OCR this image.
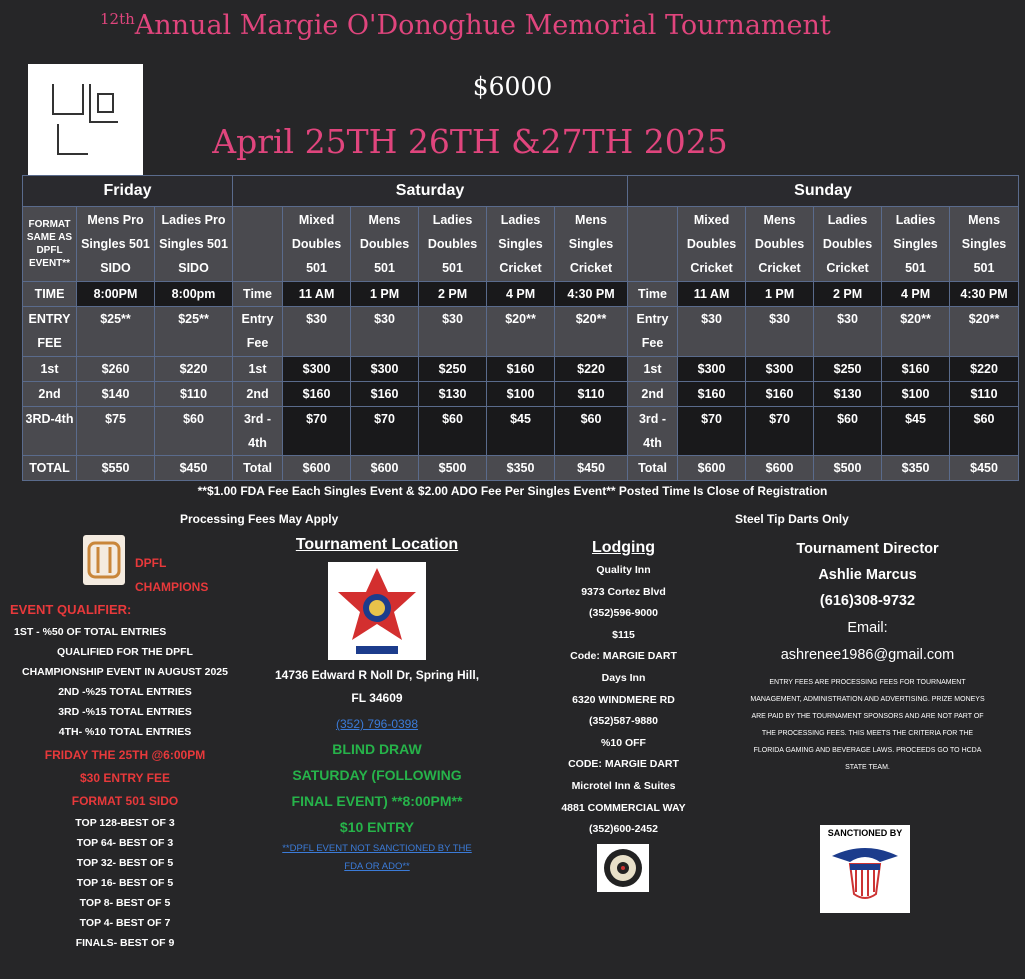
$^{12th}$Annual Margie O'Donoghue Memorial Tournament
$6000
April 25TH 26TH &27TH 2025
Friday			Saturday						Sunday					
FORMAT SAME AS DPFL EVENT**	Mens Pro Singles 501 SIDO	Ladies Pro Singles 501 SIDO		Mixed Doubles 501	Mens Doubles 501	Ladies Doubles 501	Ladies Singles Cricket	Mens Singles Cricket		Mixed Doubles Cricket	Mens Doubles Cricket	Ladies Doubles Cricket	Ladies Singles 501	Mens Singles 501
TIME	8:00PM	8:00pm	Time	11 AM	1 PM	2 PM	4 PM	4:30 PM	Time	11 AM	1 PM	2 PM	4 PM	4:30 PM
ENTRY FEE	$25**	$25**	Entry Fee	$30	$30	$30	$20**	$20**	Entry Fee	$30	$30	$30	$20**	$20**
1st	$260	$220	1st	$300	$300	$250	$160	$220	1st	$300	$300	$250	$160	$220
2nd	$140	$110	2nd	$160	$160	$130	$100	$110	2nd	$160	$160	$130	$100	$110
3RD-4th	$75	$60	3rd - 4th	$70	$70	$60	$45	$60	3rd - 4th	$70	$70	$60	$45	$60
TOTAL	$550	$450	Total	$600	$600	$500	$350	$450	Total	$600	$600	$500	$350	$450
**$1.00 FDA Fee Each Singles Event & $2.00 ADO Fee Per Singles Event** Posted Time Is Close of Registration
Processing Fees May Apply	Steel Tip Darts Only
DPFL
CHAMPIONS
EVENT QUALIFIER:
1ST - %50 OF TOTAL ENTRIES
QUALIFIED FOR THE DPFL
CHAMPIONSHIP EVENT IN AUGUST 2025
2ND -%25 TOTAL ENTRIES
3RD -%15 TOTAL ENTRIES
4TH- %10 TOTAL ENTRIES
FRIDAY THE 25TH @6:00PM
$30 ENTRY FEE
FORMAT 501 SIDO
TOP 128-BEST OF 3
TOP 64- BEST OF 3
TOP 32- BEST OF 5
TOP 16- BEST OF 5
TOP 8- BEST OF 5
TOP 4- BEST OF 7
FINALS- BEST OF 9
Tournament Location
14736 Edward R Noll Dr, Spring Hill, FL 34609
(352) 796-0398
BLIND DRAW
SATURDAY (FOLLOWING FINAL EVENT) **8:00PM**
$10 ENTRY
**DPFL EVENT NOT SANCTIONED BY THE FDA OR ADO**
Lodging
Quality Inn
9373 Cortez Blvd
(352)596-9000
$115
Code: MARGIE DART
Days Inn
6320 WINDMERE RD
(352)587-9880
%10 OFF
CODE: MARGIE DART
Microtel Inn & Suites
4881 COMMERCIAL WAY
(352)600-2452
Tournament Director
Ashlie Marcus
(616)308-9732
Email:
ashrenee1986@gmail.com
ENTRY FEES ARE PROCESSING FEES FOR TOURNAMENT MANAGEMENT, ADMINISTRATION AND ADVERTISING. PRIZE MONEYS ARE PAID BY THE TOURNAMENT SPONSORS AND ARE NOT PART OF THE PROCESSING FEES. THIS MEETS THE CRITERIA FOR THE FLORIDA GAMING AND BEVERAGE LAWS. PROCEEDS GO TO HCDA STATE TEAM.
SANCTIONED BY
